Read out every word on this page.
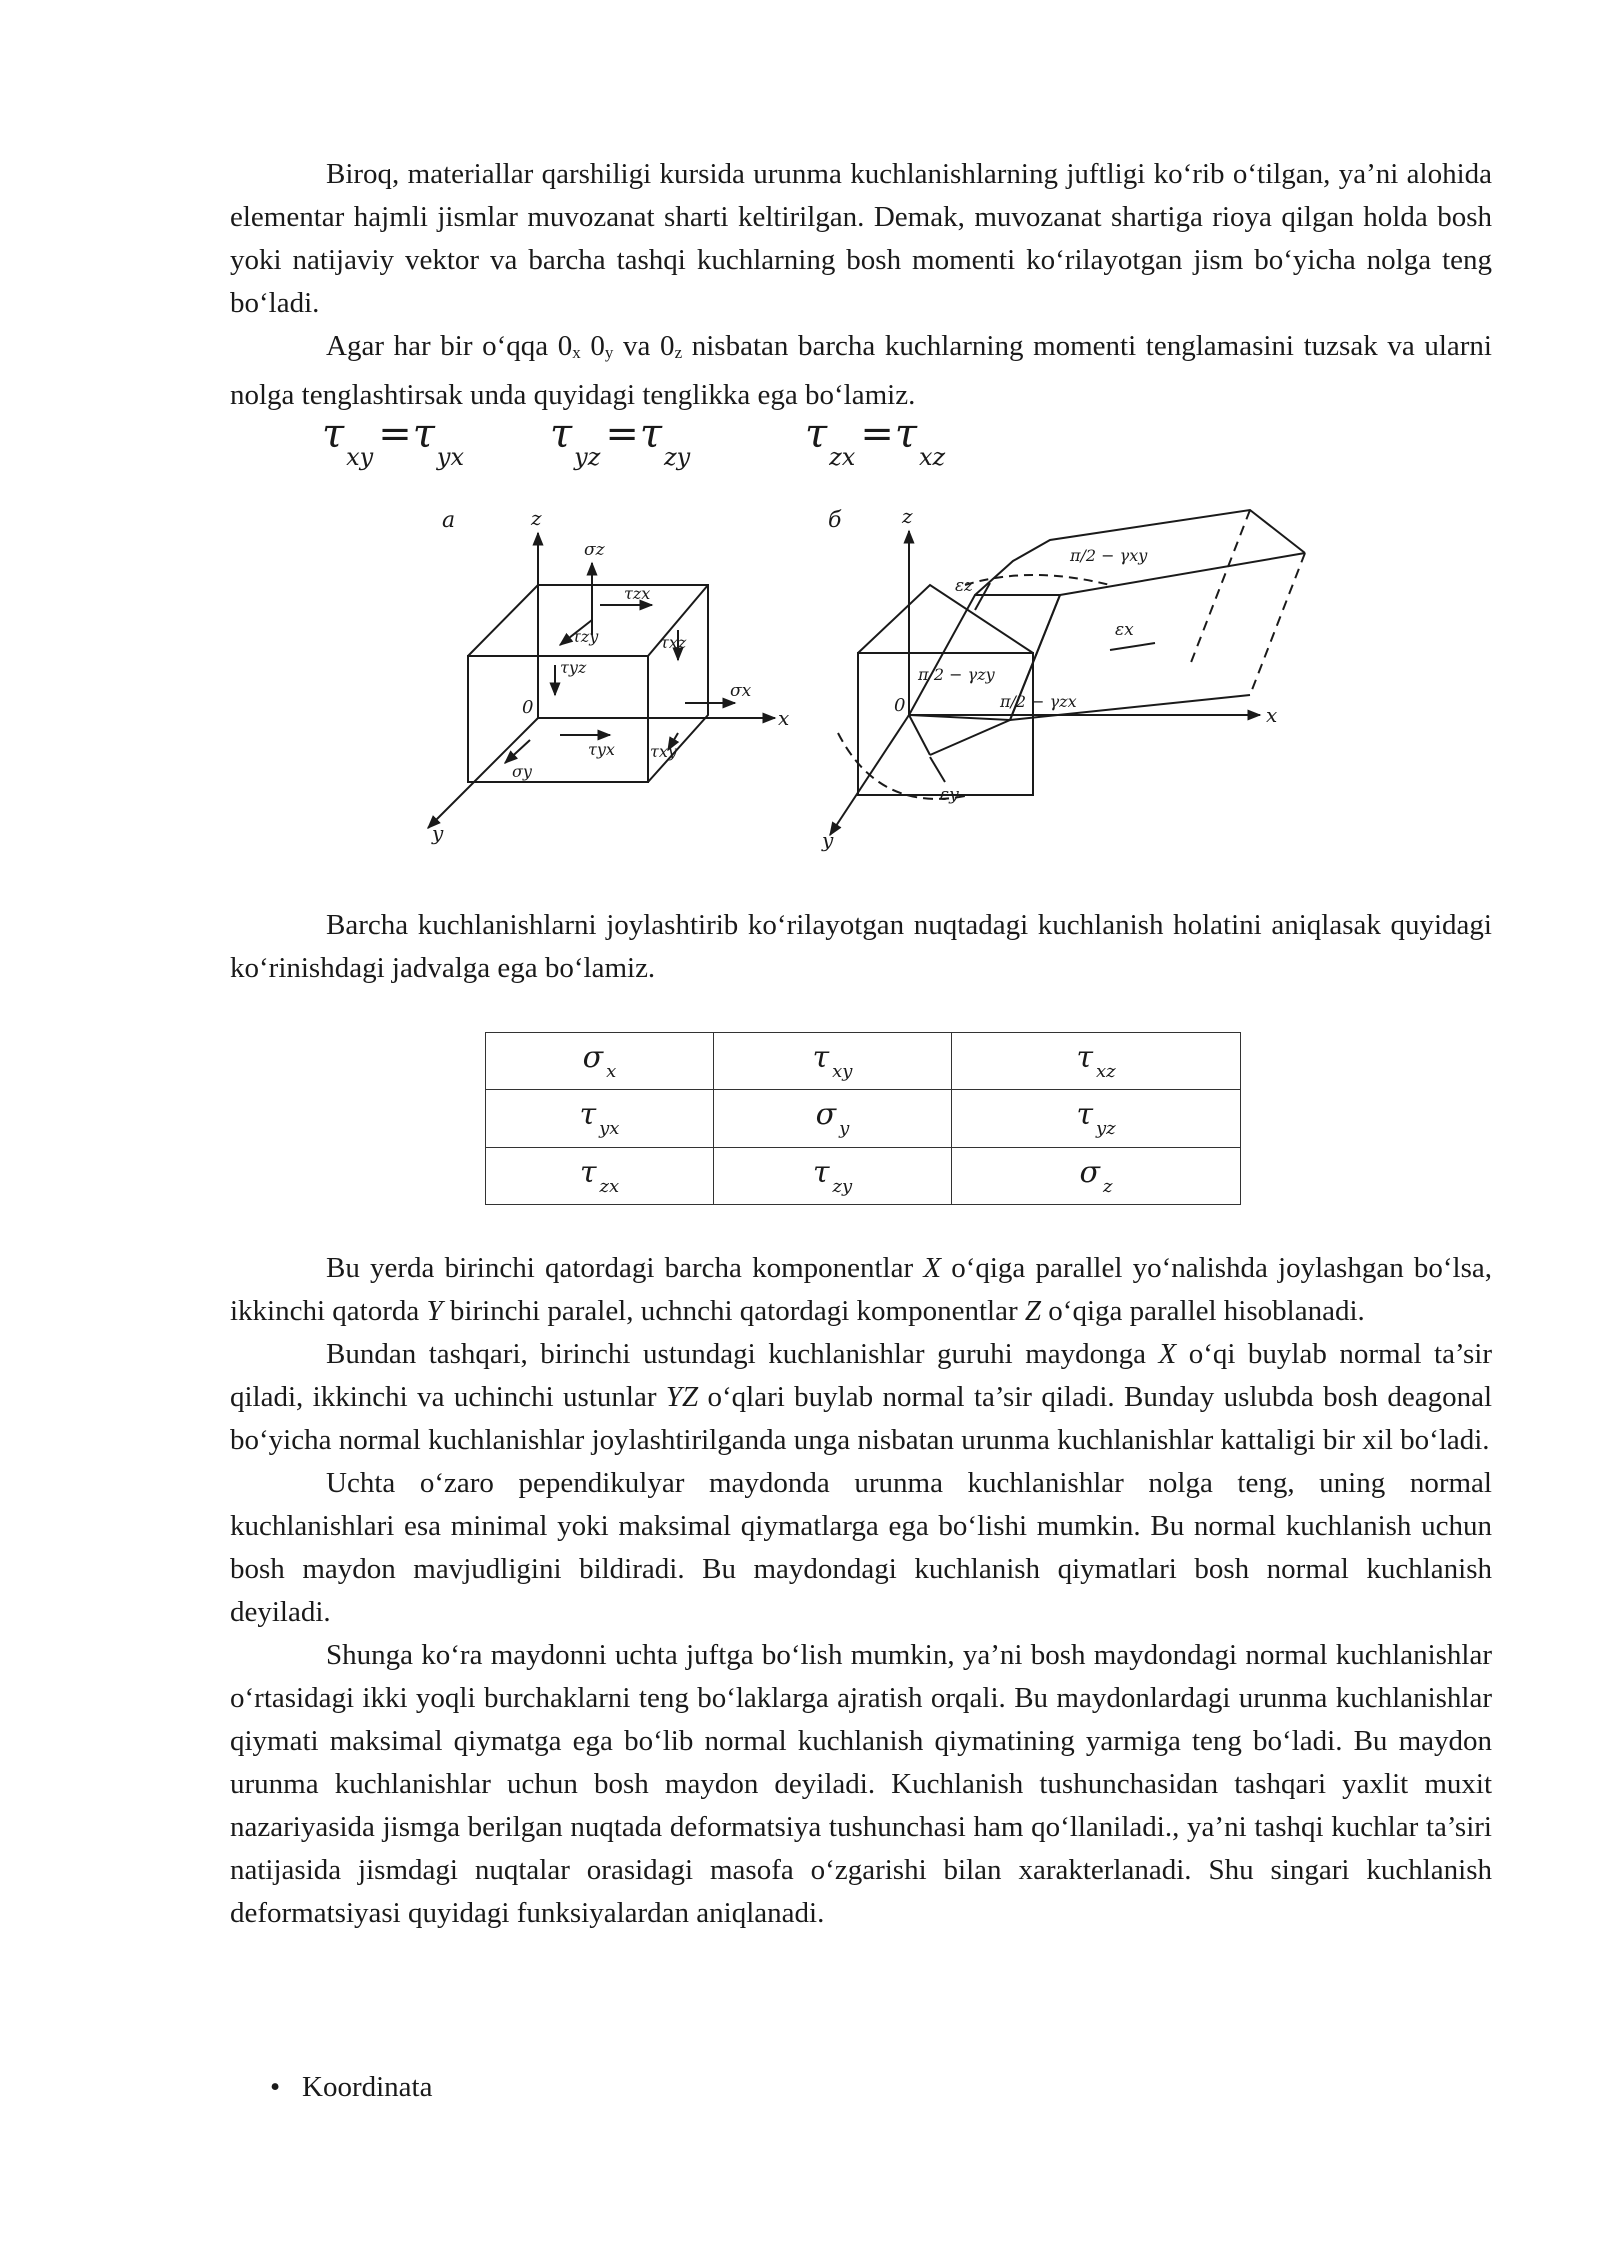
Biroq, materiallar qarshiligi kursida urunma kuchlanishlarning juftligi ko‘rib o‘tilgan, ya’ni alohida elementar hajmli jismlar muvozanat sharti keltirilgan. Demak, muvozanat shartiga rioya qilgan holda bosh yoki natijaviy vektor va barcha tashqi kuchlarning bosh momenti ko‘rilayotgan jism bo‘yicha nolga teng bo‘ladi.

Agar har bir o‘qqa 0x 0y va 0z nisbatan barcha kuchlarning momenti tenglamasini tuzsak va ularni nolga tenglashtirsak unda quyidagi tenglikka ega bo‘lamiz.

$\tau_{xy} =\tau_{yx}$ $\tau_{yz} =\tau_{zy}$	$\tau_{zx} =\tau_{xz}$
a	z
x
y
0
σz
τzx
τzy	τxz
τyz
σx
τyx τxy
σy
б	z
x
y
0
εz
εx
εy
π/2 − γxy
π/2 − γzy
π/2 − γzx

Barcha kuchlanishlarni joylashtirib ko‘rilayotgan nuqtadagi kuchlanish holatini aniqlasak quyidagi ko‘rinishdagi jadvalga ega bo‘lamiz.

σ $_x$	τ $_{xy}$	τ $_{xz}$
τ $_{yx}$	σ $_y$	τ $_{yz}$
τ $_{zx}$	τ $_{zy}$	σ $_z$

Bu yerda birinchi qatordagi barcha komponentlar X o‘qiga parallel yo‘nalishda joylashgan bo‘lsa, ikkinchi qatorda Y birinchi paralel, uchnchi qatordagi komponentlar Z o‘qiga parallel hisoblanadi.

Bundan tashqari, birinchi ustundagi kuchlanishlar guruhi maydonga X o‘qi buylab normal ta’sir qiladi, ikkinchi va uchinchi ustunlar YZ o‘qlari buylab normal ta’sir qiladi. Bunday uslubda bosh deagonal bo‘yicha normal kuchlanishlar joylashtirilganda unga nisbatan urunma kuchlanishlar kattaligi bir xil bo‘ladi.

Uchta o‘zaro pependikulyar maydonda urunma kuchlanishlar nolga teng, uning normal kuchlanishlari esa minimal yoki maksimal qiymatlarga ega bo‘lishi mumkin. Bu normal kuchlanish uchun bosh maydon mavjudligini bildiradi. Bu maydondagi kuchlanish qiymatlari bosh normal kuchlanish deyiladi.

Shunga ko‘ra maydonni uchta juftga bo‘lish mumkin, ya’ni bosh maydondagi normal kuchlanishlar o‘rtasidagi ikki yoqli burchaklarni teng bo‘laklarga ajratish orqali. Bu maydonlardagi urunma kuchlanishlar qiymati maksimal qiymatga ega bo‘lib normal kuchlanish qiymatining yarmiga teng bo‘ladi. Bu maydon urunma kuchlanishlar uchun bosh maydon deyiladi. Kuchlanish tushunchasidan tashqari yaxlit muxit nazariyasida jismga berilgan nuqtada deformatsiya tushunchasi ham qo‘llaniladi., ya’ni tashqi kuchlar ta’siri natijasida jismdagi nuqtalar orasidagi masofa o‘zgarishi bilan xarakterlanadi. Shu singari kuchlanish deformatsiyasi quyidagi funksiyalardan aniqlanadi.

• Koordinata
